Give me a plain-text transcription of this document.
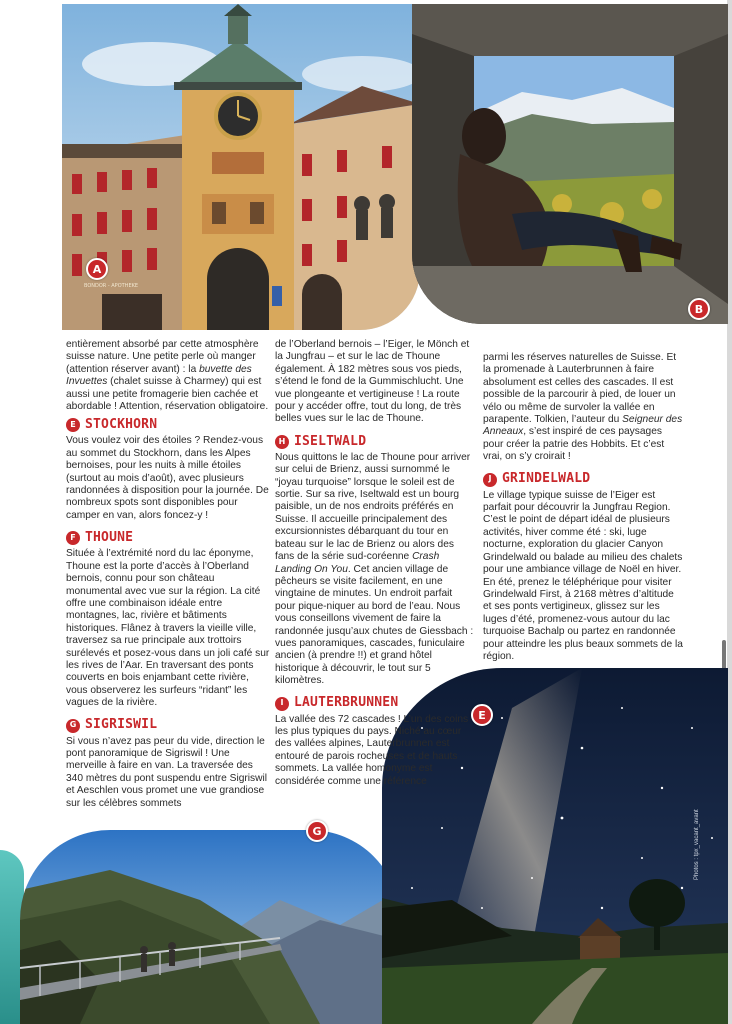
BONDOR - APOTHEKE
Photos : tpx_vacant_avant
A
B
E
G

entièrement absorbé par cette atmosphère suisse nature. Une petite perle où manger (attention réserver avant) : la buvette des Invuettes (chalet suisse à Charmey) qui est aussi une petite fromagerie bien cachée et abordable ! Attention, réservation obligatoire.

E STOCKHORN

Vous voulez voir des étoiles ? Rendez-vous au sommet du Stockhorn, dans les Alpes bernoises, pour les nuits à mille étoiles (surtout au mois d’août), avec plusieurs randonnées à disposition pour la journée. De nombreux spots sont disponibles pour camper en van, alors foncez-y !

F THOUNE

Située à l’extrémité nord du lac éponyme, Thoune est la porte d’accès à l’Oberland bernois, connu pour son château monumental avec vue sur la région. La cité offre une combinaison idéale entre montagnes, lac, rivière et bâtiments historiques. Flânez à travers la vieille ville, traversez sa rue principale aux trottoirs surélevés et posez-vous dans un joli café sur les rives de l’Aar. En traversant des ponts couverts en bois enjambant cette rivière, vous observerez les surfeurs “ridant” les vagues de la rivière.

G SIGRISWIL

Si vous n’avez pas peur du vide, direction le pont panoramique de Sigriswil ! Une merveille à faire en van. La traversée des 340 mètres du pont suspendu entre Sigriswil et Aeschlen vous promet une vue grandiose sur les célèbres sommets

de l’Oberland bernois – l’Eiger, le Mönch et la Jungfrau – et sur le lac de Thoune également. À 182 mètres sous vos pieds, s’étend le fond de la Gummischlucht. Une vue plongeante et vertigineuse ! La route pour y accéder offre, tout du long, de très belles vues sur le lac de Thoune.

H ISELTWALD

Nous quittons le lac de Thoune pour arriver sur celui de Brienz, aussi surnommé le “joyau turquoise” lorsque le soleil est de sortie. Sur sa rive, Iseltwald est un bourg paisible, un de nos endroits préférés en Suisse. Il accueille principalement des excursionnistes débarquant du tour en bateau sur le lac de Brienz ou alors des fans de la série sud-coréenne Crash Landing On You. Cet ancien village de pêcheurs se visite facilement, en une vingtaine de minutes. Un endroit parfait pour pique-niquer au bord de l’eau. Nous vous conseillons vivement de faire la randonnée jusqu’aux chutes de Giessbach : vues panoramiques, cascades, funiculaire ancien (à prendre !!) et grand hôtel historique à découvrir, le tout sur 5 kilomètres.

I LAUTERBRUNNEN

La vallée des 72 cascades ! L’un des coins les plus typiques du pays. Niché au cœur des vallées alpines, Lauterbrunnen est entouré de parois rocheuses et de hauts sommets. La vallée homonyme est considérée comme une référence

parmi les réserves naturelles de Suisse. Et la promenade à Lauterbrunnen à faire absolument est celles des cascades. Il est possible de la parcourir à pied, de louer un vélo ou même de survoler la vallée en parapente. Tolkien, l’auteur du Seigneur des Anneaux, s’est inspiré de ces paysages pour créer la patrie des Hobbits. Et c’est vrai, on s’y croirait !

J GRINDELWALD

Le village typique suisse de l’Eiger est parfait pour découvrir la Jungfrau Region. C’est le point de départ idéal de plusieurs activités, hiver comme été : ski, luge nocturne, exploration du glacier Canyon Grindelwald ou balade au milieu des chalets pour une ambiance village de Noël en hiver. En été, prenez le téléphérique pour visiter Grindelwald First, à 2168 mètres d’altitude et ses ponts vertigineux, glissez sur les luges d’été, promenez-vous autour du lac turquoise Bachalp ou partez en randonnée pour atteindre les plus beaux sommets de la région.
